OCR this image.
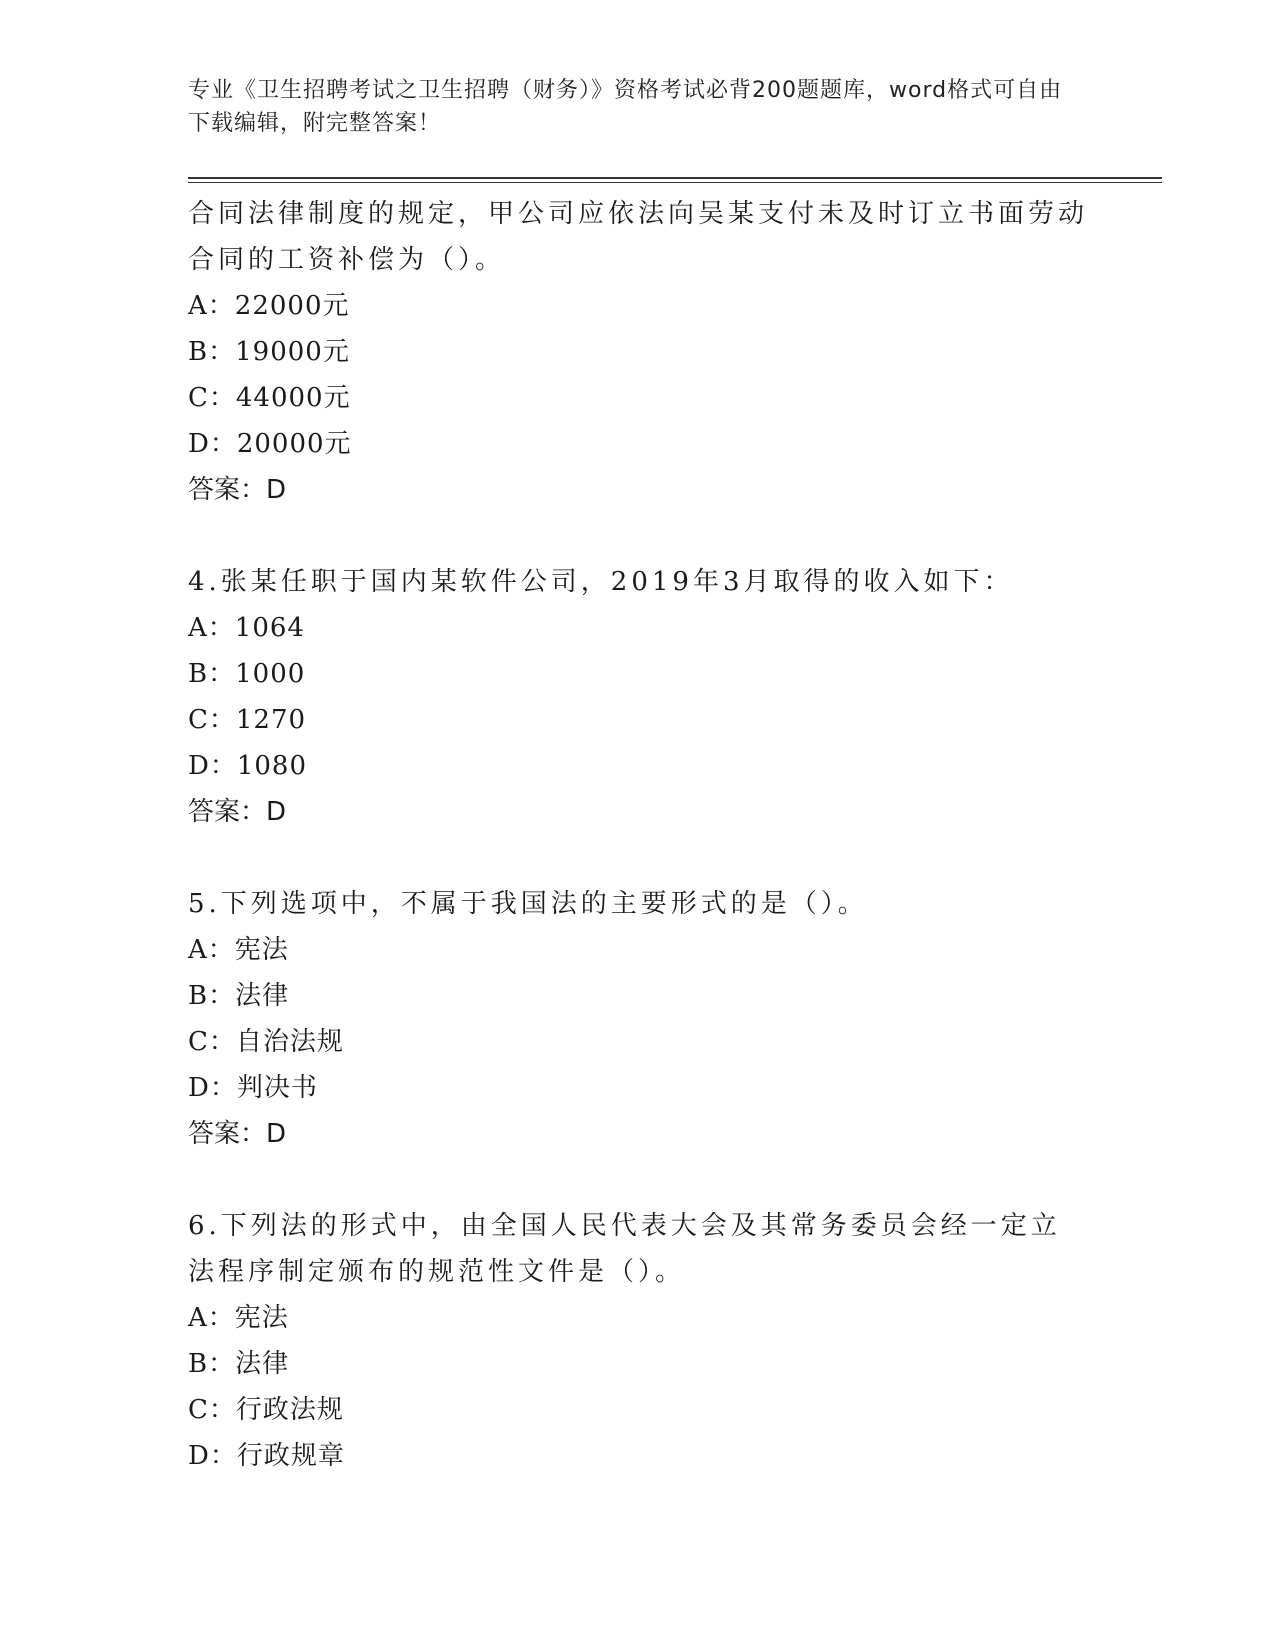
专业《卫生招聘考试之卫生招聘（财务）》资格考试必背200题题库，word格式可自由下载编辑，附完整答案！

合同法律制度的规定，甲公司应依法向吴某支付未及时订立书面劳动合同的工资补偿为（）。

A：22000元

B：19000元

C：44000元

D：20000元

答案：D

4.张某任职于国内某软件公司，2019年3月取得的收入如下：

A：1064

B：1000

C：1270

D：1080

答案：D

5.下列选项中，不属于我国法的主要形式的是（）。

A：宪法

B：法律

C：自治法规

D：判决书

答案：D

6.下列法的形式中，由全国人民代表大会及其常务委员会经一定立法程序制定颁布的规范性文件是（）。

A：宪法

B：法律

C：行政法规

D：行政规章
